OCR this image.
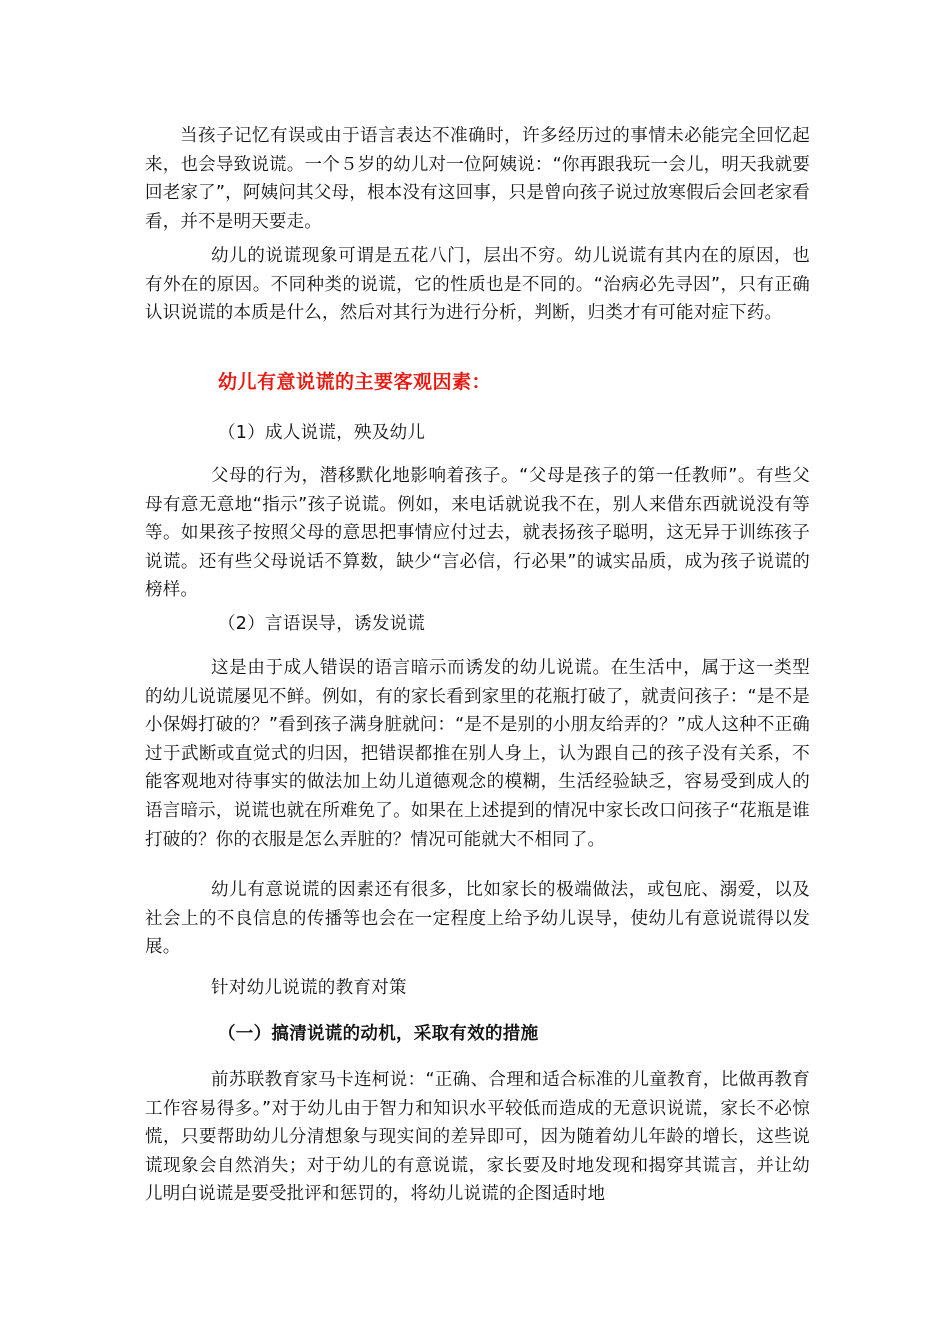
当孩子记忆有误或由于语言表达不准确时，许多经历过的事情未必能完全回忆起来，也会导致说谎。一个５岁的幼儿对一位阿姨说：“你再跟我玩一会儿，明天我就要回老家了”，阿姨问其父母，根本没有这回事，只是曾向孩子说过放寒假后会回老家看看，并不是明天要走。

幼儿的说谎现象可谓是五花八门，层出不穷。幼儿说谎有其内在的原因，也有外在的原因。不同种类的说谎，它的性质也是不同的。“治病必先寻因”，只有正确认识说谎的本质是什么，然后对其行为进行分析，判断，归类才有可能对症下药。

幼儿有意说谎的主要客观因素：

（1）成人说谎，殃及幼儿

父母的行为，潜移默化地影响着孩子。“父母是孩子的第一任教师”。有些父母有意无意地“指示”孩子说谎。例如，来电话就说我不在，别人来借东西就说没有等等。如果孩子按照父母的意思把事情应付过去，就表扬孩子聪明，这无异于训练孩子说谎。还有些父母说话不算数，缺少“言必信，行必果”的诚实品质，成为孩子说谎的榜样。

（2）言语误导，诱发说谎

这是由于成人错误的语言暗示而诱发的幼儿说谎。在生活中，属于这一类型的幼儿说谎屡见不鲜。例如，有的家长看到家里的花瓶打破了，就责问孩子：“是不是小保姆打破的？”看到孩子满身脏就问：“是不是别的小朋友给弄的？”成人这种不正确过于武断或直觉式的归因，把错误都推在别人身上，认为跟自己的孩子没有关系，不能客观地对待事实的做法加上幼儿道德观念的模糊，生活经验缺乏，容易受到成人的语言暗示，说谎也就在所难免了。如果在上述提到的情况中家长改口问孩子“花瓶是谁打破的？你的衣服是怎么弄脏的？情况可能就大不相同了。

幼儿有意说谎的因素还有很多，比如家长的极端做法，或包庇、溺爱，以及社会上的不良信息的传播等也会在一定程度上给予幼儿误导，使幼儿有意说谎得以发展。

针对幼儿说谎的教育对策

（一）搞清说谎的动机，采取有效的措施

前苏联教育家马卡连柯说：“正确、合理和适合标准的儿童教育，比做再教育工作容易得多。”对于幼儿由于智力和知识水平较低而造成的无意识说谎，家长不必惊慌，只要帮助幼儿分清想象与现实间的差异即可，因为随着幼儿年龄的增长，这些说谎现象会自然消失；对于幼儿的有意说谎，家长要及时地发现和揭穿其谎言，并让幼儿明白说谎是要受批评和惩罚的，将幼儿说谎的企图适时地
